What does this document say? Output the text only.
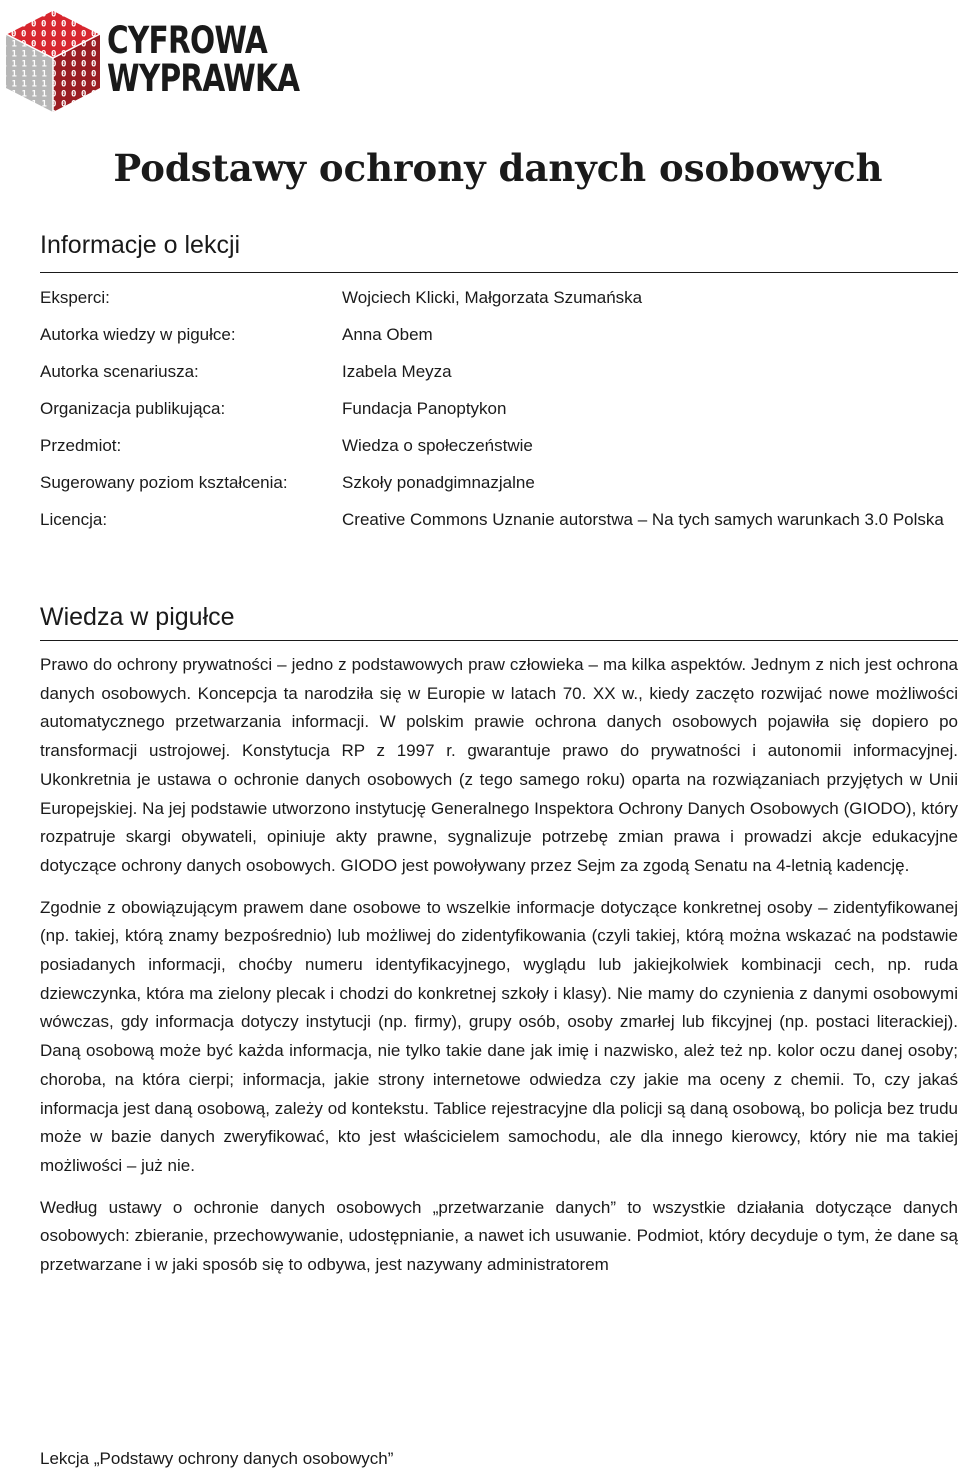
CYFROWA
WYPRAWKA
Podstawy ochrony danych osobowych
Informacje o lekcji
Eksperci:	Wojciech Klicki, Małgorzata Szumańska
Autorka wiedzy w pigułce:	Anna Obem
Autorka scenariusza:	Izabela Meyza
Organizacja publikująca:	Fundacja Panoptykon
Przedmiot:	Wiedza o społeczeństwie
Sugerowany poziom kształcenia:	Szkoły ponadgimnazjalne
Licencja:	Creative Commons Uznanie autorstwa – Na tych samych warunkach 3.0 Polska
Wiedza w pigułce

Prawo do ochrony prywatności – jedno z podstawowych praw człowieka – ma kilka aspektów. Jednym z nich jest ochrona danych osobowych. Koncepcja ta narodziła się w Europie w latach 70. XX w., kiedy zaczęto rozwijać nowe możliwości automatycznego przetwarzania informacji. W polskim prawie ochrona danych osobowych pojawiła się dopiero po transformacji ustrojowej. Konstytucja RP z 1997 r. gwarantuje prawo do prywatności i autonomii informacyjnej. Ukonkretnia je ustawa o ochronie danych osobowych (z tego samego roku) oparta na rozwiązaniach przyjętych w Unii Europejskiej. Na jej podstawie utworzono instytucję Generalnego Inspektora Ochrony Danych Osobowych (GIODO), który rozpatruje skargi obywateli, opiniuje akty prawne, sygnalizuje potrzebę zmian prawa i prowadzi akcje edukacyjne dotyczące ochrony danych osobowych. GIODO jest powoływany przez Sejm za zgodą Senatu na 4-letnią kadencję.

Zgodnie z obowiązującym prawem dane osobowe to wszelkie informacje dotyczące konkretnej osoby – zidentyfikowanej (np. takiej, którą znamy bezpośrednio) lub możliwej do zidentyfikowania (czyli takiej, którą można wskazać na podstawie posiadanych informacji, choćby numeru identyfikacyjnego, wyglądu lub jakiejkolwiek kombinacji cech, np. ruda dziewczynka, która ma zielony plecak i chodzi do konkretnej szkoły i klasy). Nie mamy do czynienia z danymi osobowymi wówczas, gdy informacja dotyczy instytucji (np. firmy), grupy osób, osoby zmarłej lub fikcyjnej (np. postaci literackiej). Daną osobową może być każda informacja, nie tylko takie dane jak imię i nazwisko, ależ też np. kolor oczu danej osoby; choroba, na która cierpi; informacja, jakie strony internetowe odwiedza czy jakie ma oceny z chemii. To, czy jakaś informacja jest daną osobową, zależy od kontekstu. Tablice rejestracyjne dla policji są daną osobową, bo policja bez trudu może w bazie danych zweryfikować, kto jest właścicielem samochodu, ale dla innego kierowcy, który nie ma takiej możliwości – już nie.

Według ustawy o ochronie danych osobowych „przetwarzanie danych” to wszystkie działania dotyczące danych osobowych: zbieranie, przechowywanie, udostępnianie, a nawet ich usuwanie. Podmiot, który decyduje o tym, że dane są przetwarzane i w jaki sposób się to odbywa, jest nazywany administratorem

Lekcja „Podstawy ochrony danych osobowych”
